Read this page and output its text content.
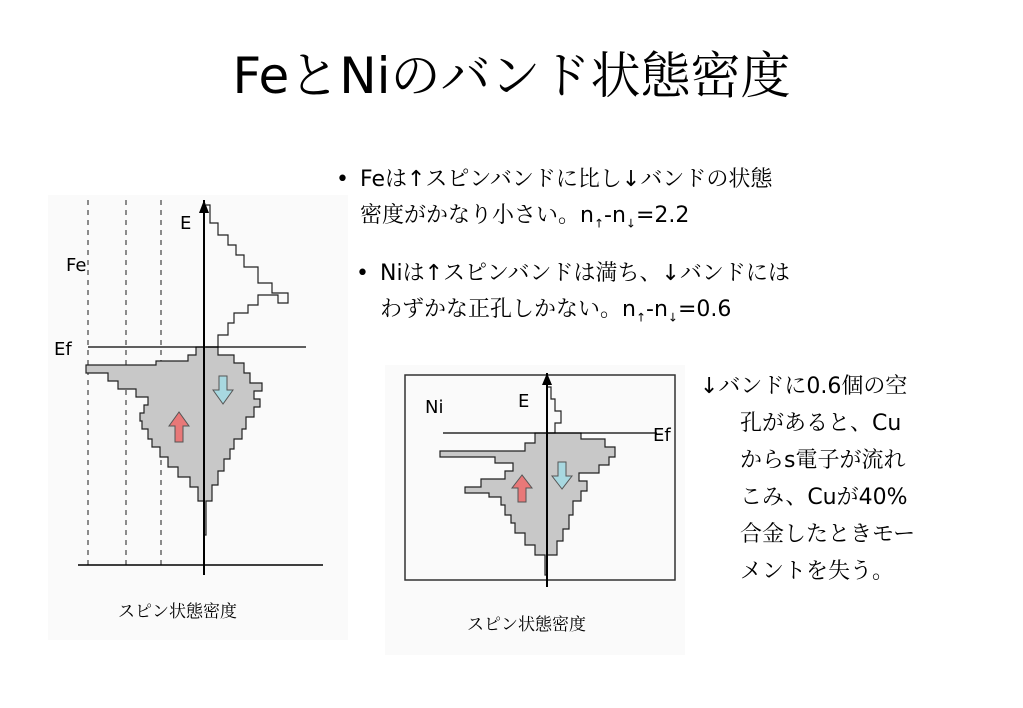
FeとNiのバンド状態密度
• Feは↑スピンバンドに比し↓バンドの状態
密度がかなり小さい。$n_↑-n_↓=2.2$
• Niは↑スピンバンドは満ち、↓バンドには
わずかな正孔しかない。$n_↑-n_↓=0.6$
↓バンドに0.6個の空
孔があると、Cu
からs電子が流れ
こみ、Cuが40%
合金したときモー
メントを失う。
E
Fe
Ef
スピン状態密度
Ni	E
Ef
スピン状態密度
